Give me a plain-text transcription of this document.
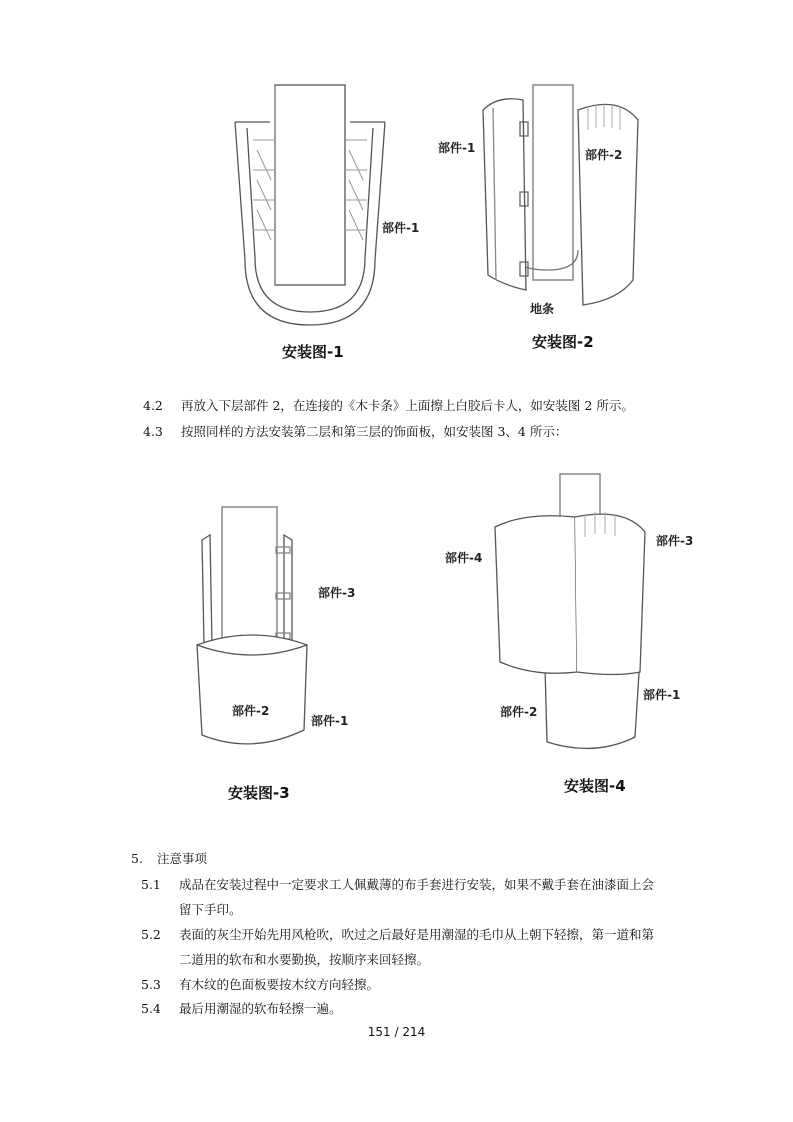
部件-1
安装图-1
部件-1	部件-2
地条
安装图-2
4.2 再放入下层部件 2，在连接的《木卡条》上面擦上白胶后卡人，如安装图 2 所示。
4.3 按照同样的方法安装第二层和第三层的饰面板，如安装图 3、4 所示：
部件-3
部件-2
部件-1
安装图-3
部件-4
部件-3
部件-2
部件-1
安装图-4
5. 注意事项
5.1 成品在安装过程中一定要求工人佩戴薄的布手套进行安装，如果不戴手套在油漆面上会
留下手印。
5.2 表面的灰尘开始先用风枪吹，吹过之后最好是用潮湿的毛巾从上朝下轻擦，第一道和第
二道用的软布和水要勤换，按顺序来回轻擦。
5.3 有木纹的色面板要按木纹方向轻擦。
5.4 最后用潮湿的软布轻擦一遍。
151 / 214
